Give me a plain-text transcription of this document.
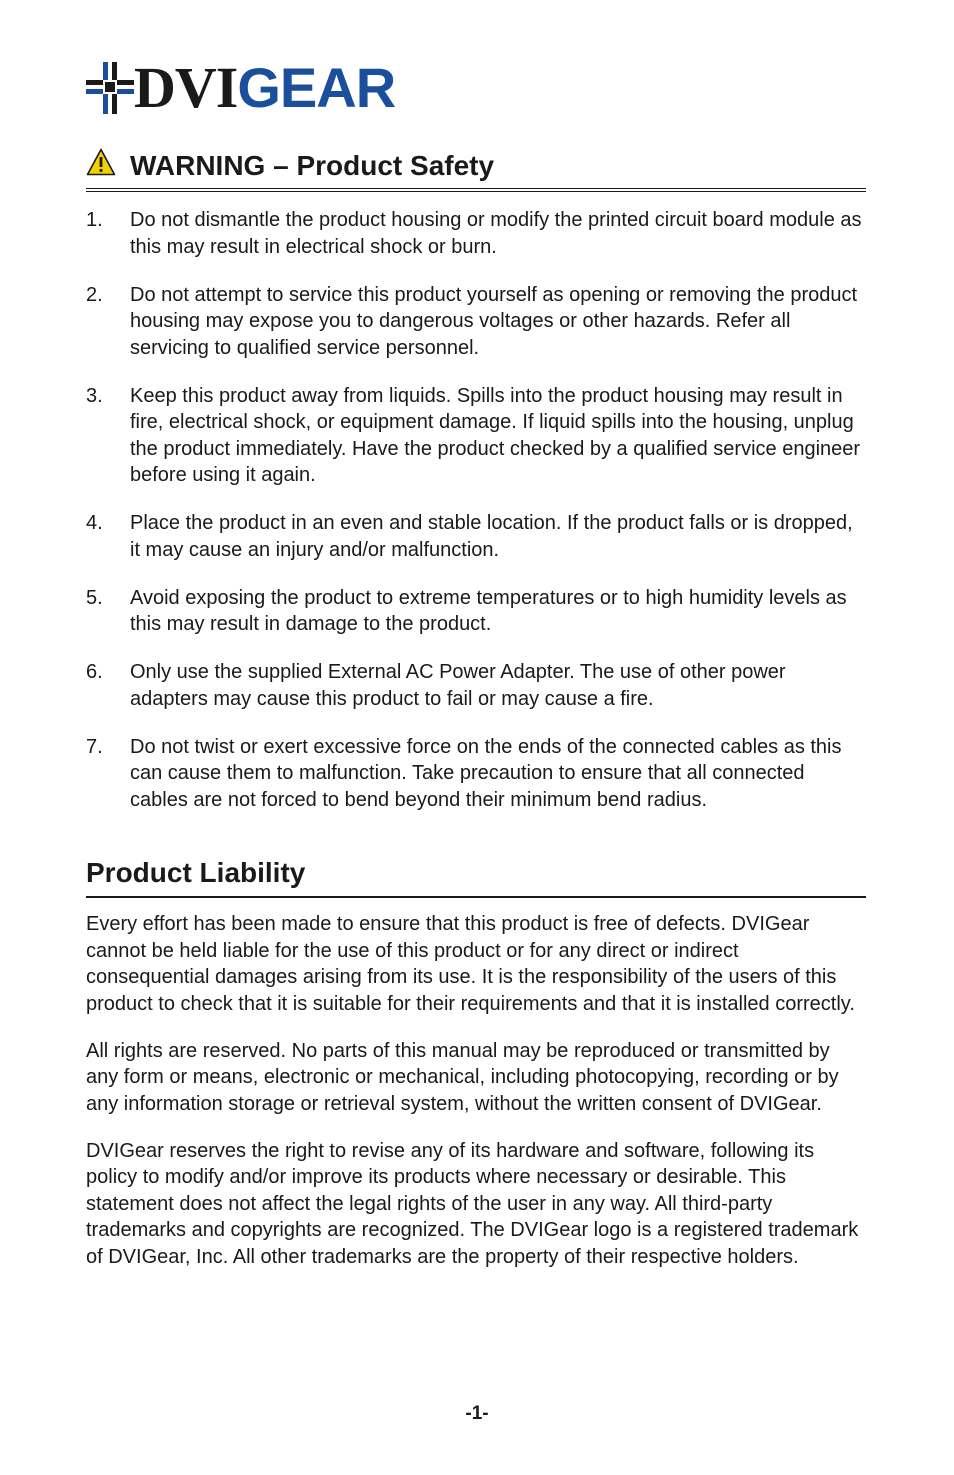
DVI GEAR
WARNING – Product Safety
1.	Do not dismantle the product housing or modify the printed circuit board module as this may result in electrical shock or burn.
2.	Do not attempt to service this product yourself as opening or removing the product housing may expose you to dangerous voltages or other hazards. Refer all servicing to qualified service personnel.
3.	Keep this product away from liquids. Spills into the product housing may result in fire, electrical shock, or equipment damage. If liquid spills into the housing, unplug the product immediately. Have the product checked by a qualified service engineer before using it again.
4.	Place the product in an even and stable location. If the product falls or is dropped, it may cause an injury and/or malfunction.
5.	Avoid exposing the product to extreme temperatures or to high humidity levels as this may result in damage to the product.
6.	Only use the supplied External AC Power Adapter. The use of other power adapters may cause this product to fail or may cause a fire.
7.	Do not twist or exert excessive force on the ends of the connected cables as this can cause them to malfunction. Take precaution to ensure that all connected cables are not forced to bend beyond their minimum bend radius.
Product Liability

Every effort has been made to ensure that this product is free of defects. DVIGear cannot be held liable for the use of this product or for any direct or indirect consequential damages arising from its use. It is the responsibility of the users of this product to check that it is suitable for their requirements and that it is installed correctly.

All rights are reserved. No parts of this manual may be reproduced or transmitted by any form or means, electronic or mechanical, including photocopying, recording or by any information storage or retrieval system, without the written consent of DVIGear.

DVIGear reserves the right to revise any of its hardware and software, following its policy to modify and/or improve its products where necessary or desirable. This statement does not affect the legal rights of the user in any way. All third-party trademarks and copyrights are recognized. The DVIGear logo is a registered trademark of DVIGear, Inc. All other trademarks are the property of their respective holders.

-1-
